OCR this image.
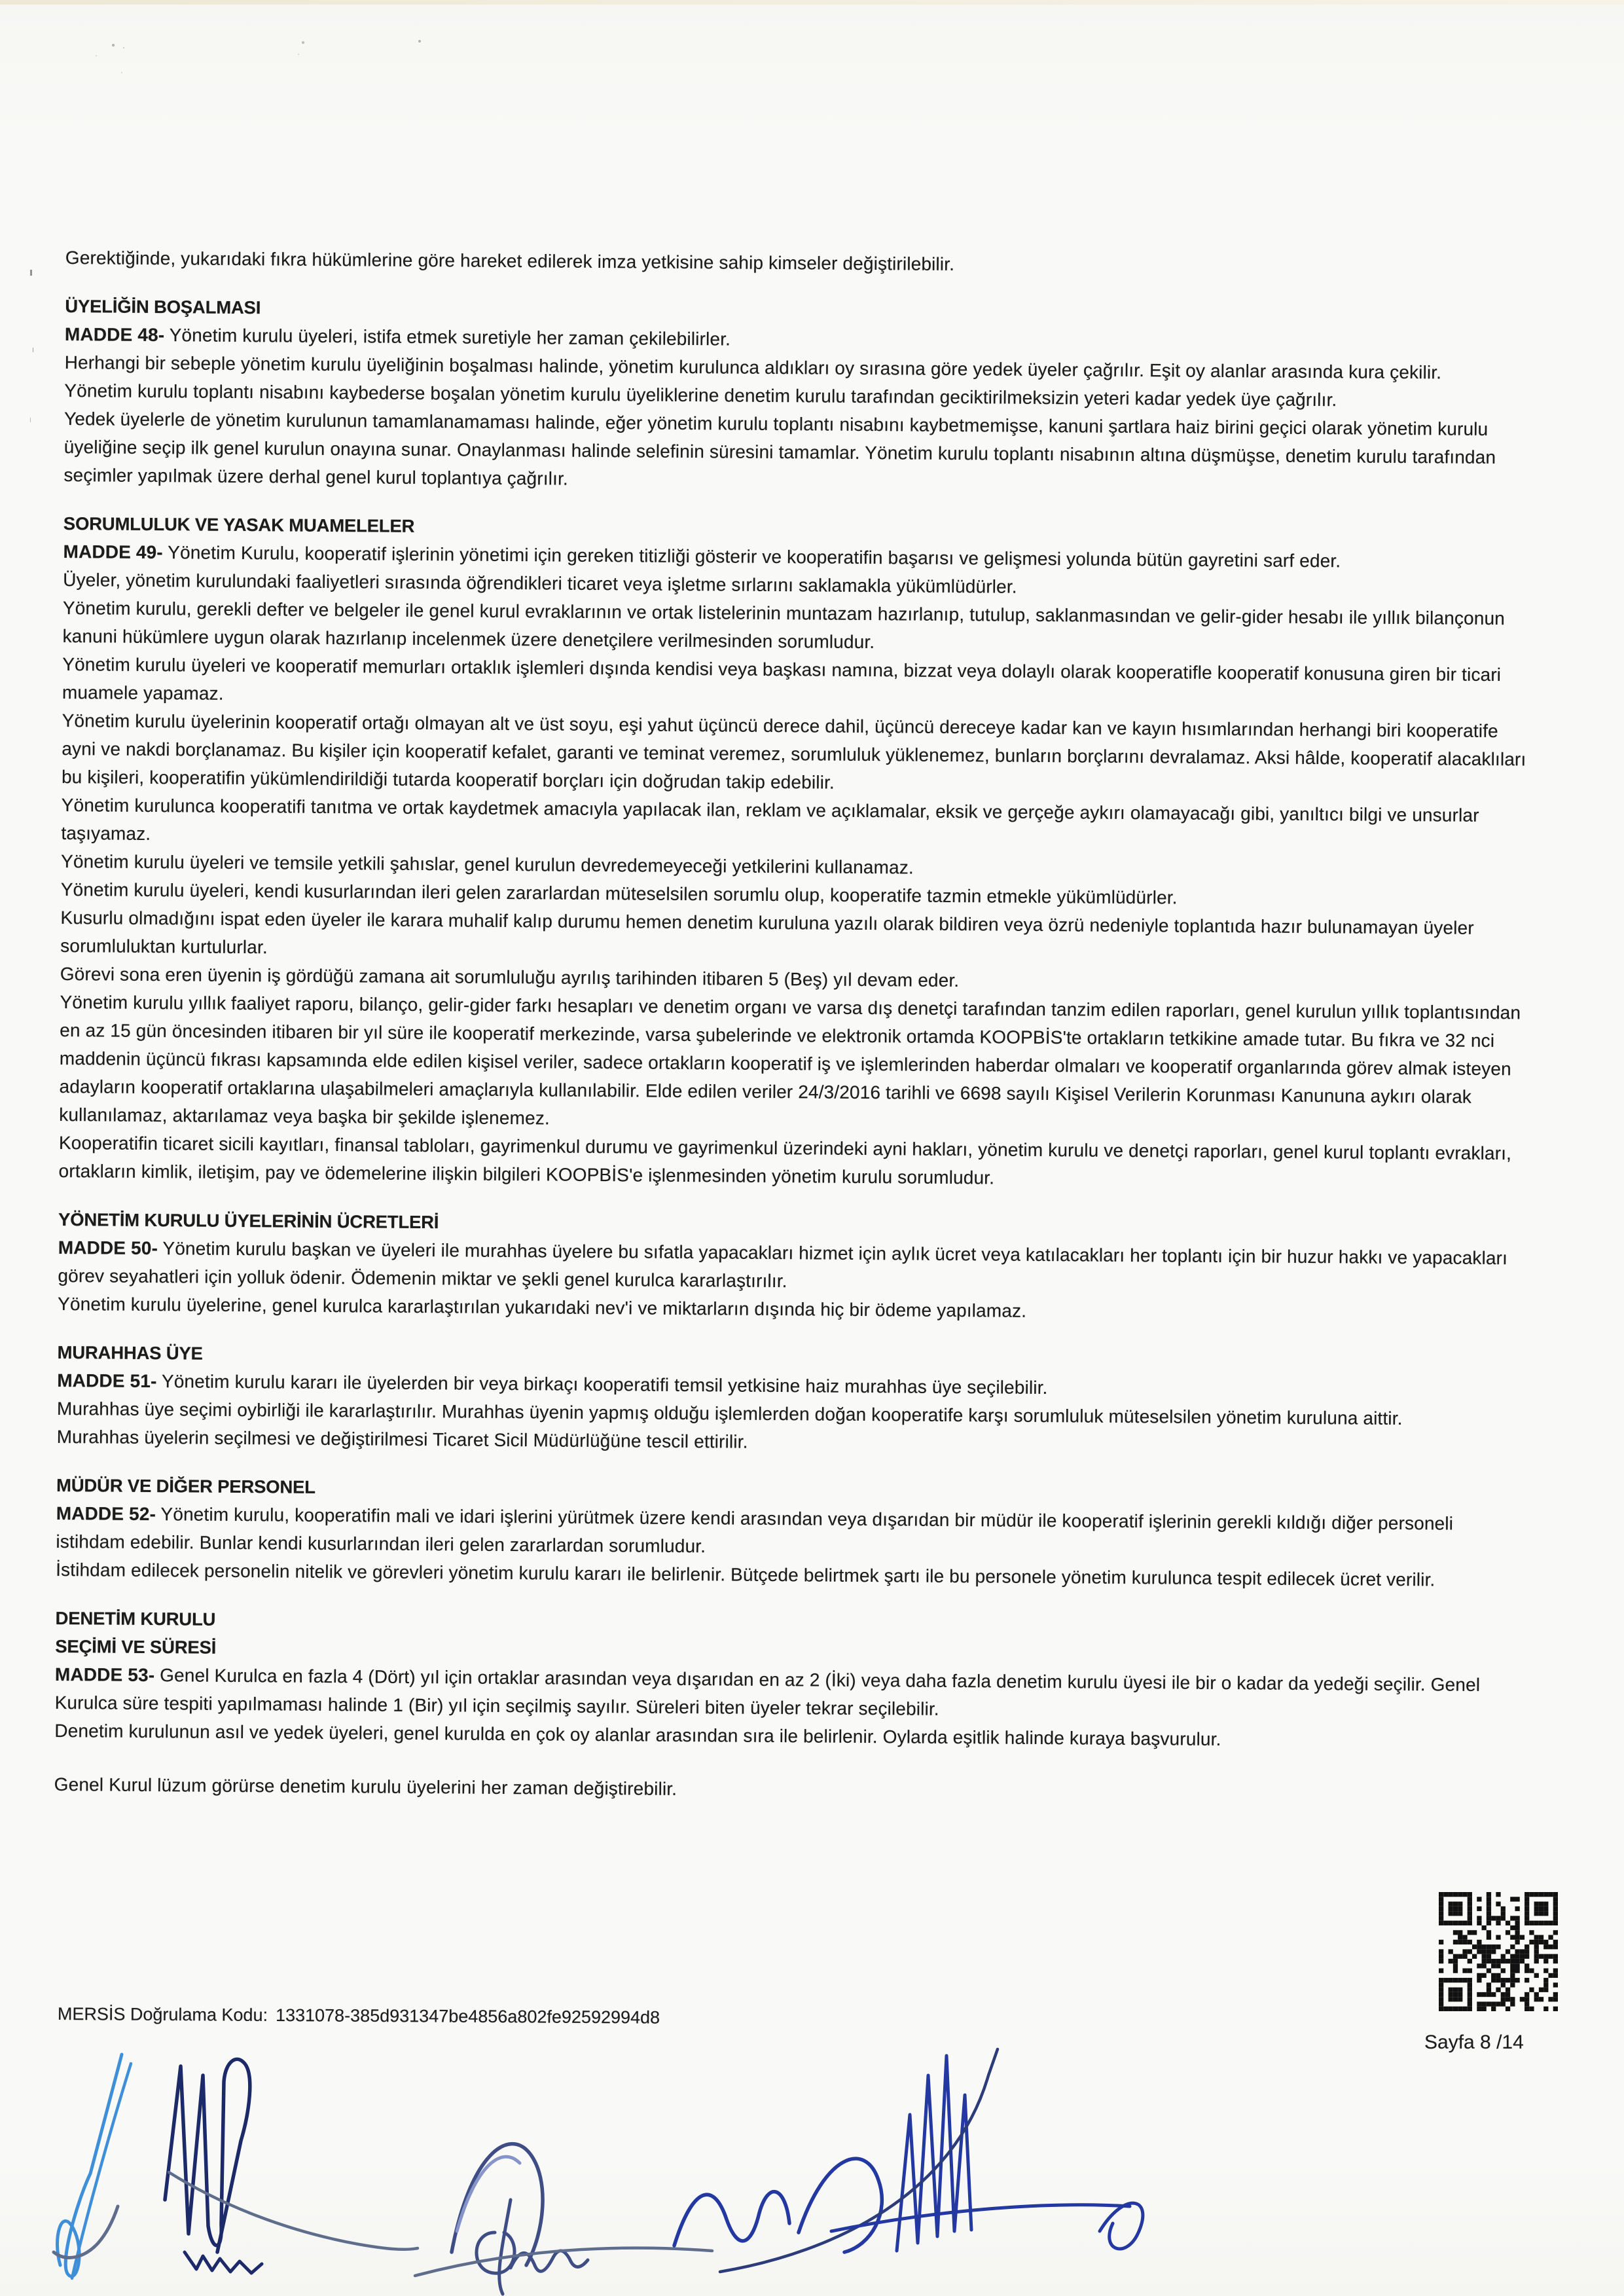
Gerektiğinde, yukarıdaki fıkra hükümlerine göre hareket edilerek imza yetkisine sahip kimseler değiştirilebilir.
ÜYELİĞİN BOŞALMASI
MADDE 48- Yönetim kurulu üyeleri, istifa etmek suretiyle her zaman çekilebilirler.
Herhangi bir sebeple yönetim kurulu üyeliğinin boşalması halinde, yönetim kurulunca aldıkları oy sırasına göre yedek üyeler çağrılır. Eşit oy alanlar arasında kura çekilir.
Yönetim kurulu toplantı nisabını kaybederse boşalan yönetim kurulu üyeliklerine denetim kurulu tarafından geciktirilmeksizin yeteri kadar yedek üye çağrılır.
Yedek üyelerle de yönetim kurulunun tamamlanamaması halinde, eğer yönetim kurulu toplantı nisabını kaybetmemişse, kanuni şartlara haiz birini geçici olarak yönetim kurulu
üyeliğine seçip ilk genel kurulun onayına sunar. Onaylanması halinde selefinin süresini tamamlar. Yönetim kurulu toplantı nisabının altına düşmüşse, denetim kurulu tarafından
seçimler yapılmak üzere derhal genel kurul toplantıya çağrılır.
SORUMLULUK VE YASAK MUAMELELER
MADDE 49- Yönetim Kurulu, kooperatif işlerinin yönetimi için gereken titizliği gösterir ve kooperatifin başarısı ve gelişmesi yolunda bütün gayretini sarf eder.
Üyeler, yönetim kurulundaki faaliyetleri sırasında öğrendikleri ticaret veya işletme sırlarını saklamakla yükümlüdürler.
Yönetim kurulu, gerekli defter ve belgeler ile genel kurul evraklarının ve ortak listelerinin muntazam hazırlanıp, tutulup, saklanmasından ve gelir-gider hesabı ile yıllık bilançonun
kanuni hükümlere uygun olarak hazırlanıp incelenmek üzere denetçilere verilmesinden sorumludur.
Yönetim kurulu üyeleri ve kooperatif memurları ortaklık işlemleri dışında kendisi veya başkası namına, bizzat veya dolaylı olarak kooperatifle kooperatif konusuna giren bir ticari
muamele yapamaz.
Yönetim kurulu üyelerinin kooperatif ortağı olmayan alt ve üst soyu, eşi yahut üçüncü derece dahil, üçüncü dereceye kadar kan ve kayın hısımlarından herhangi biri kooperatife
ayni ve nakdi borçlanamaz. Bu kişiler için kooperatif kefalet, garanti ve teminat veremez, sorumluluk yüklenemez, bunların borçlarını devralamaz. Aksi hâlde, kooperatif alacaklıları
bu kişileri, kooperatifin yükümlendirildiği tutarda kooperatif borçları için doğrudan takip edebilir.
Yönetim kurulunca kooperatifi tanıtma ve ortak kaydetmek amacıyla yapılacak ilan, reklam ve açıklamalar, eksik ve gerçeğe aykırı olamayacağı gibi, yanıltıcı bilgi ve unsurlar
taşıyamaz.
Yönetim kurulu üyeleri ve temsile yetkili şahıslar, genel kurulun devredemeyeceği yetkilerini kullanamaz.
Yönetim kurulu üyeleri, kendi kusurlarından ileri gelen zararlardan müteselsilen sorumlu olup, kooperatife tazmin etmekle yükümlüdürler.
Kusurlu olmadığını ispat eden üyeler ile karara muhalif kalıp durumu hemen denetim kuruluna yazılı olarak bildiren veya özrü nedeniyle toplantıda hazır bulunamayan üyeler
sorumluluktan kurtulurlar.
Görevi sona eren üyenin iş gördüğü zamana ait sorumluluğu ayrılış tarihinden itibaren 5 (Beş) yıl devam eder.
Yönetim kurulu yıllık faaliyet raporu, bilanço, gelir-gider farkı hesapları ve denetim organı ve varsa dış denetçi tarafından tanzim edilen raporları, genel kurulun yıllık toplantısından
en az 15 gün öncesinden itibaren bir yıl süre ile kooperatif merkezinde, varsa şubelerinde ve elektronik ortamda KOOPBİS'te ortakların tetkikine amade tutar. Bu fıkra ve 32 nci
maddenin üçüncü fıkrası kapsamında elde edilen kişisel veriler, sadece ortakların kooperatif iş ve işlemlerinden haberdar olmaları ve kooperatif organlarında görev almak isteyen
adayların kooperatif ortaklarına ulaşabilmeleri amaçlarıyla kullanılabilir. Elde edilen veriler 24/3/2016 tarihli ve 6698 sayılı Kişisel Verilerin Korunması Kanununa aykırı olarak
kullanılamaz, aktarılamaz veya başka bir şekilde işlenemez.
Kooperatifin ticaret sicili kayıtları, finansal tabloları, gayrimenkul durumu ve gayrimenkul üzerindeki ayni hakları, yönetim kurulu ve denetçi raporları, genel kurul toplantı evrakları,
ortakların kimlik, iletişim, pay ve ödemelerine ilişkin bilgileri KOOPBİS'e işlenmesinden yönetim kurulu sorumludur.
YÖNETİM KURULU ÜYELERİNİN ÜCRETLERİ
MADDE 50- Yönetim kurulu başkan ve üyeleri ile murahhas üyelere bu sıfatla yapacakları hizmet için aylık ücret veya katılacakları her toplantı için bir huzur hakkı ve yapacakları
görev seyahatleri için yolluk ödenir. Ödemenin miktar ve şekli genel kurulca kararlaştırılır.
Yönetim kurulu üyelerine, genel kurulca kararlaştırılan yukarıdaki nev'i ve miktarların dışında hiç bir ödeme yapılamaz.
MURAHHAS ÜYE
MADDE 51- Yönetim kurulu kararı ile üyelerden bir veya birkaçı kooperatifi temsil yetkisine haiz murahhas üye seçilebilir.
Murahhas üye seçimi oybirliği ile kararlaştırılır. Murahhas üyenin yapmış olduğu işlemlerden doğan kooperatife karşı sorumluluk müteselsilen yönetim kuruluna aittir.
Murahhas üyelerin seçilmesi ve değiştirilmesi Ticaret Sicil Müdürlüğüne tescil ettirilir.
MÜDÜR VE DİĞER PERSONEL
MADDE 52- Yönetim kurulu, kooperatifin mali ve idari işlerini yürütmek üzere kendi arasından veya dışarıdan bir müdür ile kooperatif işlerinin gerekli kıldığı diğer personeli
istihdam edebilir. Bunlar kendi kusurlarından ileri gelen zararlardan sorumludur.
İstihdam edilecek personelin nitelik ve görevleri yönetim kurulu kararı ile belirlenir. Bütçede belirtmek şartı ile bu personele yönetim kurulunca tespit edilecek ücret verilir.
DENETİM KURULU
SEÇİMİ VE SÜRESİ
MADDE 53- Genel Kurulca en fazla 4 (Dört) yıl için ortaklar arasından veya dışarıdan en az 2 (İki) veya daha fazla denetim kurulu üyesi ile bir o kadar da yedeği seçilir. Genel
Kurulca süre tespiti yapılmaması halinde 1 (Bir) yıl için seçilmiş sayılır. Süreleri biten üyeler tekrar seçilebilir.
Denetim kurulunun asıl ve yedek üyeleri, genel kurulda en çok oy alanlar arasından sıra ile belirlenir. Oylarda eşitlik halinde kuraya başvurulur.
Genel Kurul lüzum görürse denetim kurulu üyelerini her zaman değiştirebilir.
MERSİS Doğrulama Kodu: 1331078-385d931347be4856a802fe92592994d8
Sayfa 8 /14
